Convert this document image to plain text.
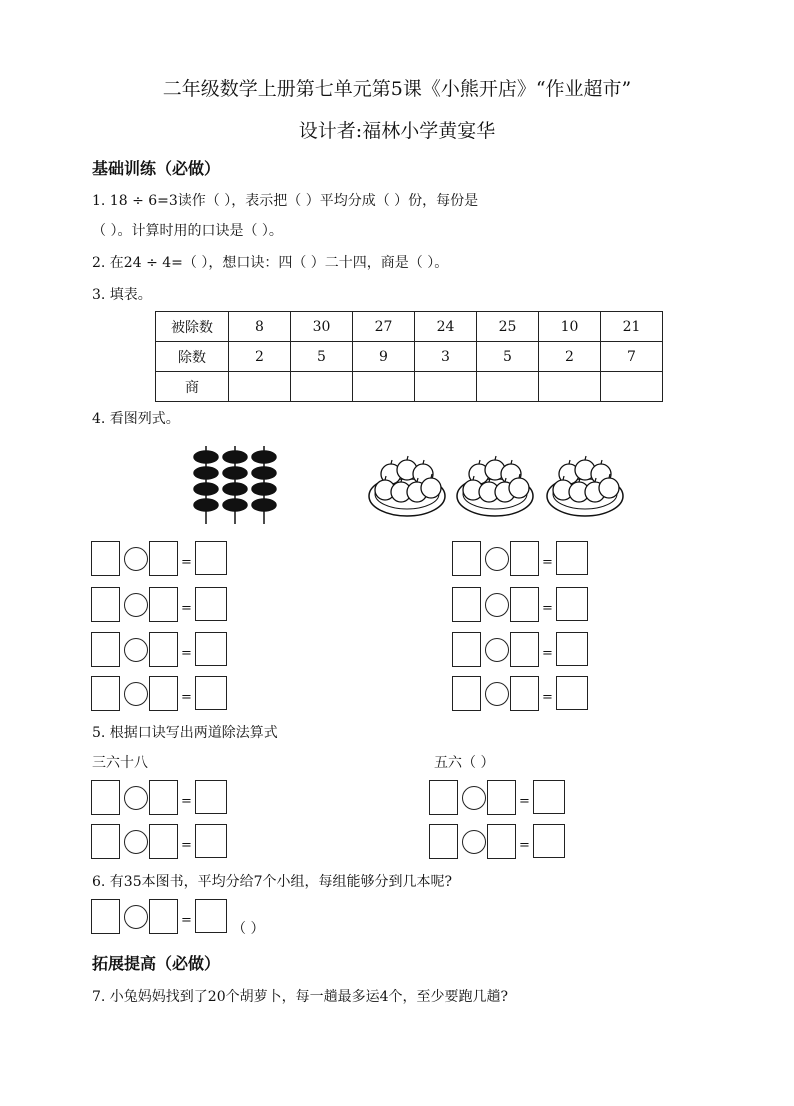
二年级数学上册第七单元第5课《小熊开店》“作业超市”
设计者:福林小学黄宴华
基础训练（必做）
1. 18 ÷ 6=3读作（ ），表示把（ ）平均分成（ ）份，每份是
（ ）。计算时用的口诀是（ ）。
2. 在24 ÷ 4=（ ），想口诀：四（ ）二十四，商是（ ）。
3. 填表。
被除数	8	30	27	24	25	10	21
除数	2	5	9	3	5	2	7
商							
4. 看图列式。
=
=
=
=
=
=
=
=
5. 根据口诀写出两道除法算式
三六十八	五六（ ）
=
=
=
=
6. 有35本图书，平均分给7个小组，每组能够分到几本呢?
=
（ ）
拓展提高（必做）
7. 小兔妈妈找到了20个胡萝卜，每一趟最多运4个，至少要跑几趟?
